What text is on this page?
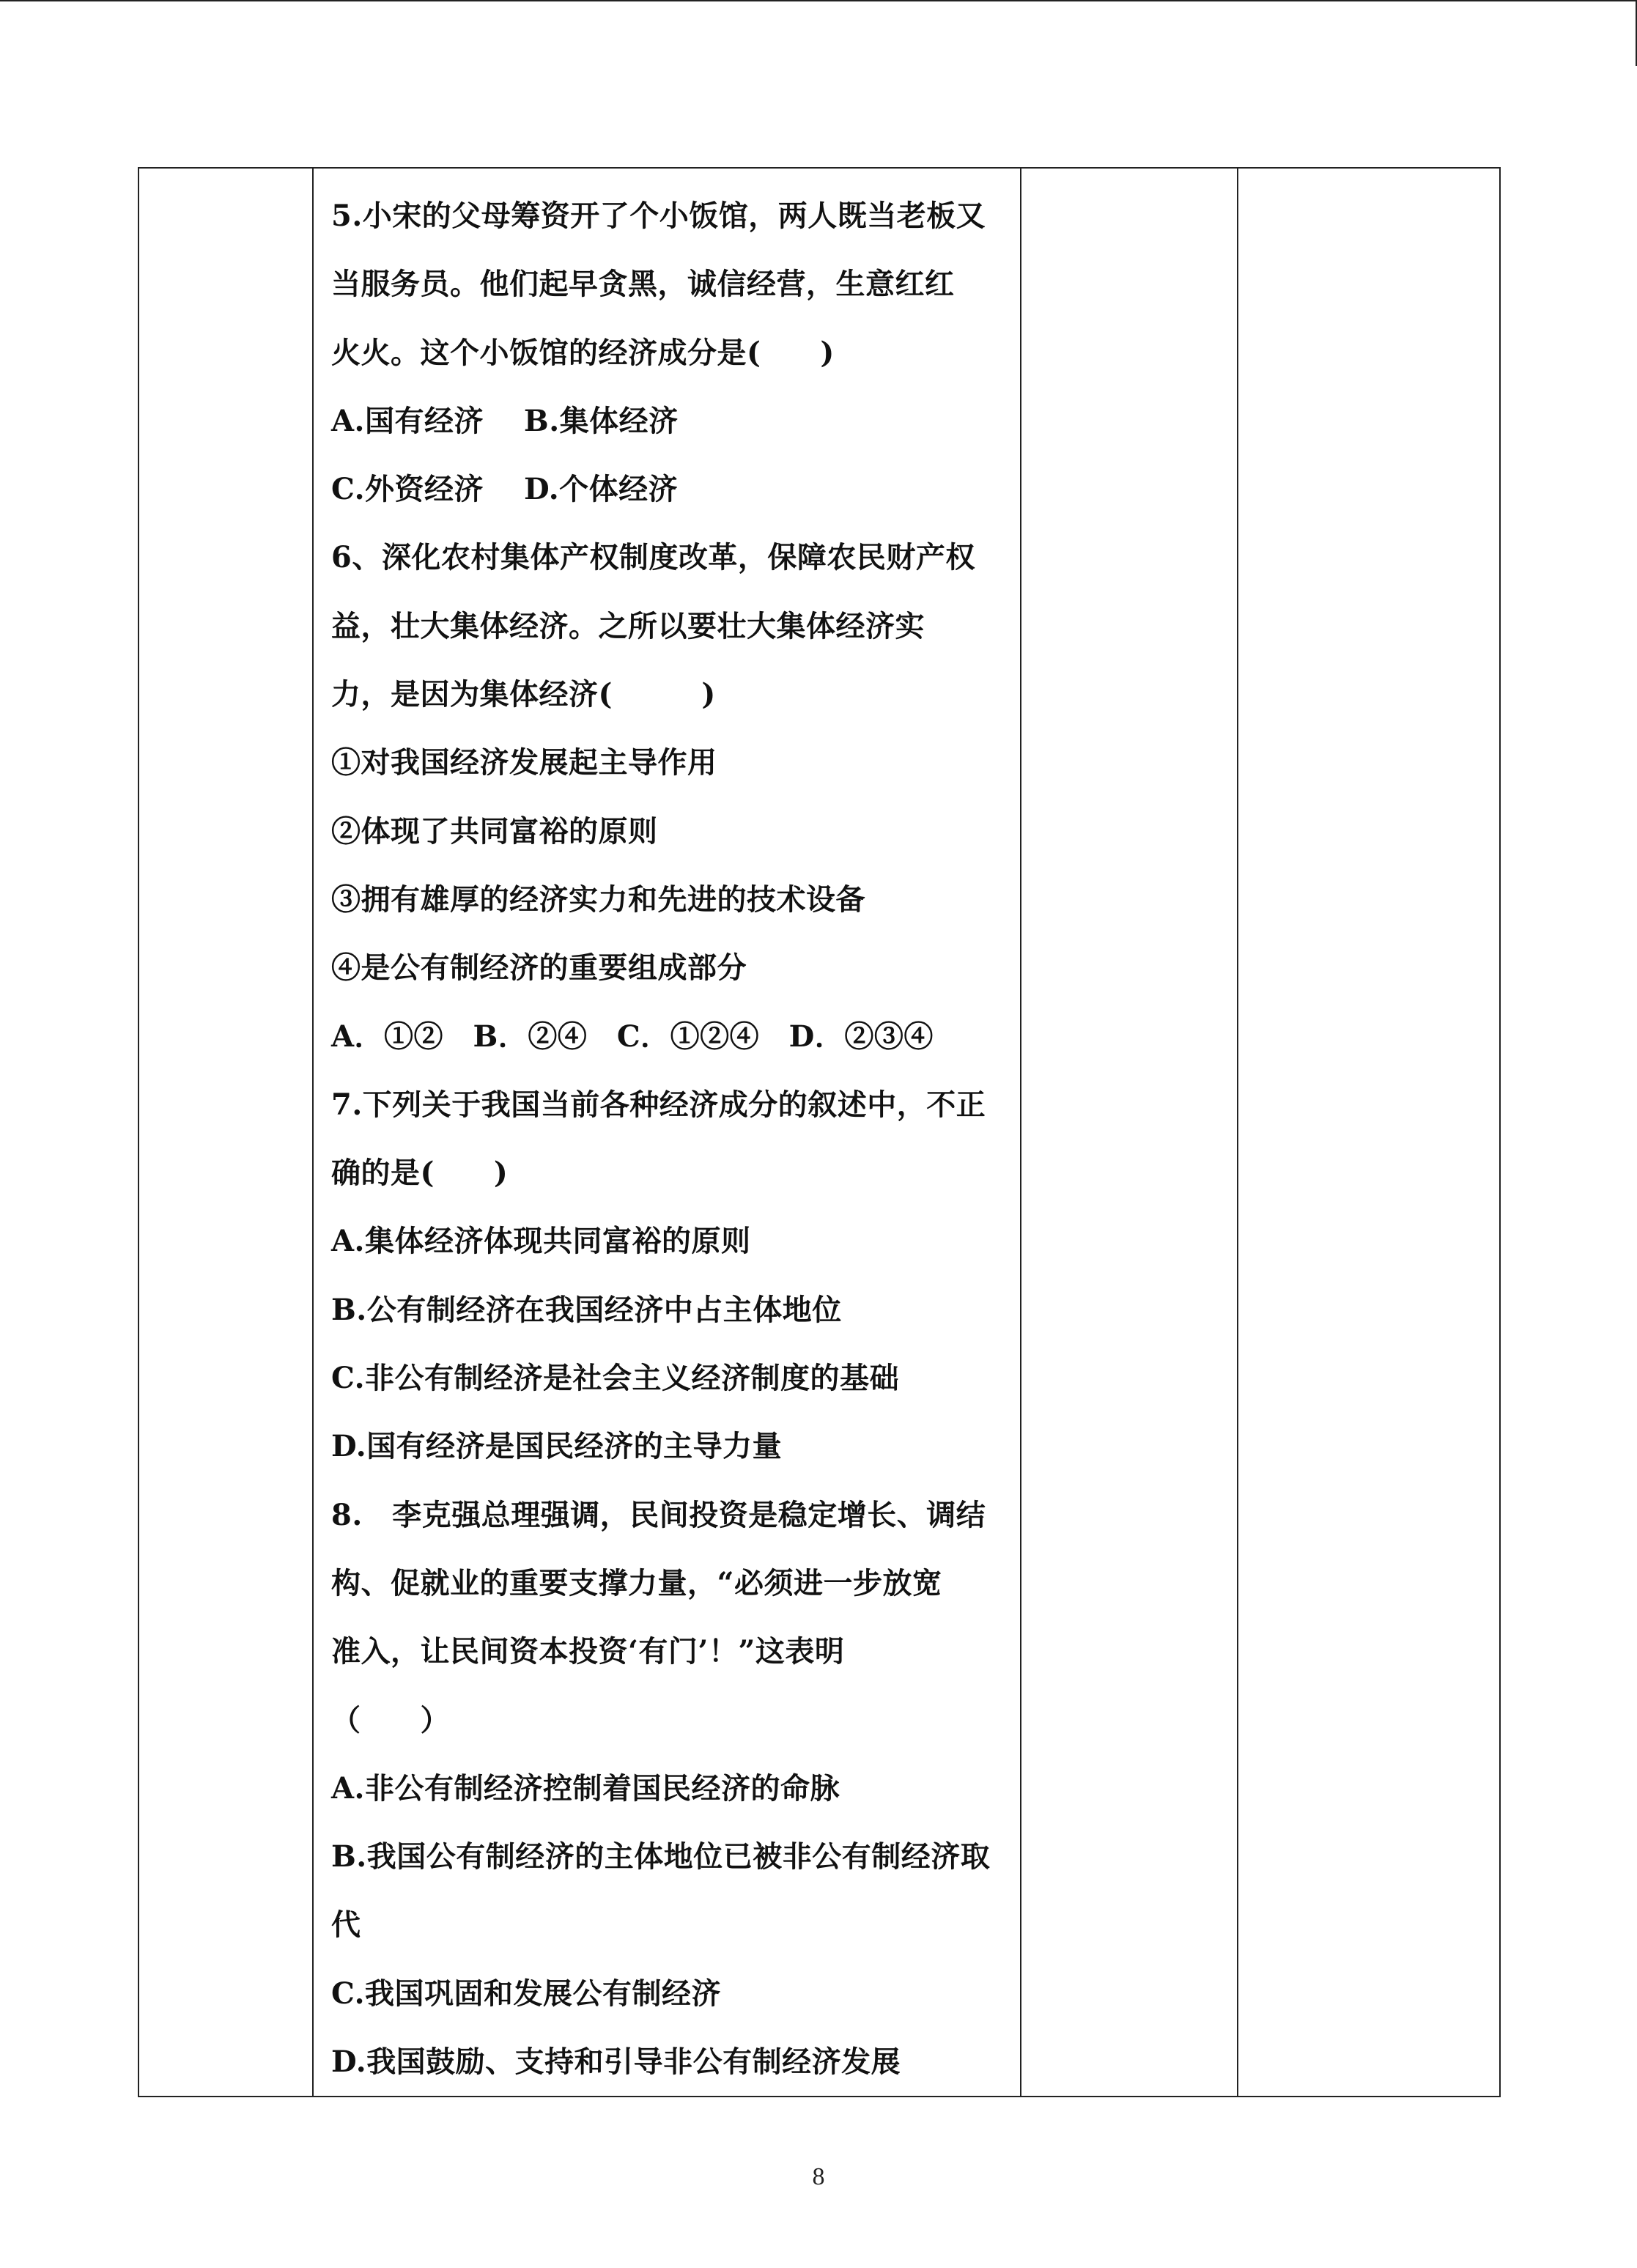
5.小宋的父母筹资开了个小饭馆，两人既当老板又
当服务员。他们起早贪黑，诚信经营，生意红红
火火。这个小饭馆的经济成分是(　　)
A.国有经济　 B.集体经济
C.外资经济　 D.个体经济
6、深化农村集体产权制度改革，保障农民财产权
益，壮大集体经济。之所以要壮大集体经济实
力，是因为集体经济(　　　)
①对我国经济发展起主导作用
②体现了共同富裕的原则
③拥有雄厚的经济实力和先进的技术设备
④是公有制经济的重要组成部分
A．①②　B．②④　C．①②④　D．②③④
7.下列关于我国当前各种经济成分的叙述中，不正
确的是(　　)
A.集体经济体现共同富裕的原则
B.公有制经济在我国经济中占主体地位
C.非公有制经济是社会主义经济制度的基础
D.国有经济是国民经济的主导力量
8.　李克强总理强调，民间投资是稳定增长、调结
构、促就业的重要支撑力量，“必须进一步放宽
准入，让民间资本投资‘有门’！”这表明
（　　）
A.非公有制经济控制着国民经济的命脉
B.我国公有制经济的主体地位已被非公有制经济取
代
C.我国巩固和发展公有制经济
D.我国鼓励、支持和引导非公有制经济发展

8
